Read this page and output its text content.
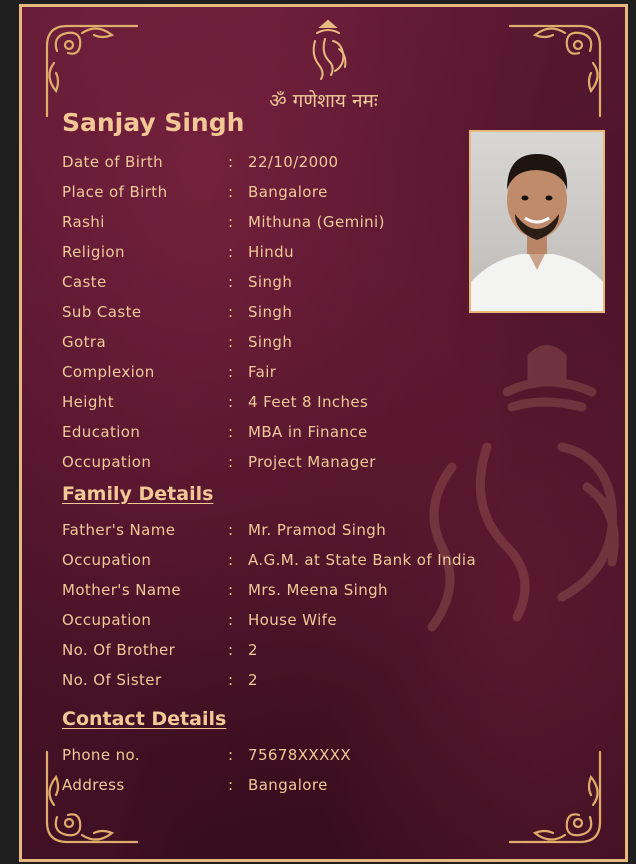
ॐ गणेशाय नमः
Sanjay Singh
Date of Birth	: 22/10/2000
Place of Birth	: Bangalore
Rashi	: Mithuna (Gemini)
Religion	: Hindu
Caste	: Singh
Sub Caste	: Singh
Gotra	: Singh
Complexion	: Fair
Height	: 4 Feet 8 Inches
Education	: MBA in Finance
Occupation	: Project Manager
Family Details
Father's Name	: Mr. Pramod Singh
Occupation	: A.G.M. at State Bank of India
Mother's Name	: Mrs. Meena Singh
Occupation	: House Wife
No. Of Brother	: 2
No. Of Sister	: 2
Contact Details
Phone no.	: 75678XXXXX
Address	: Bangalore
